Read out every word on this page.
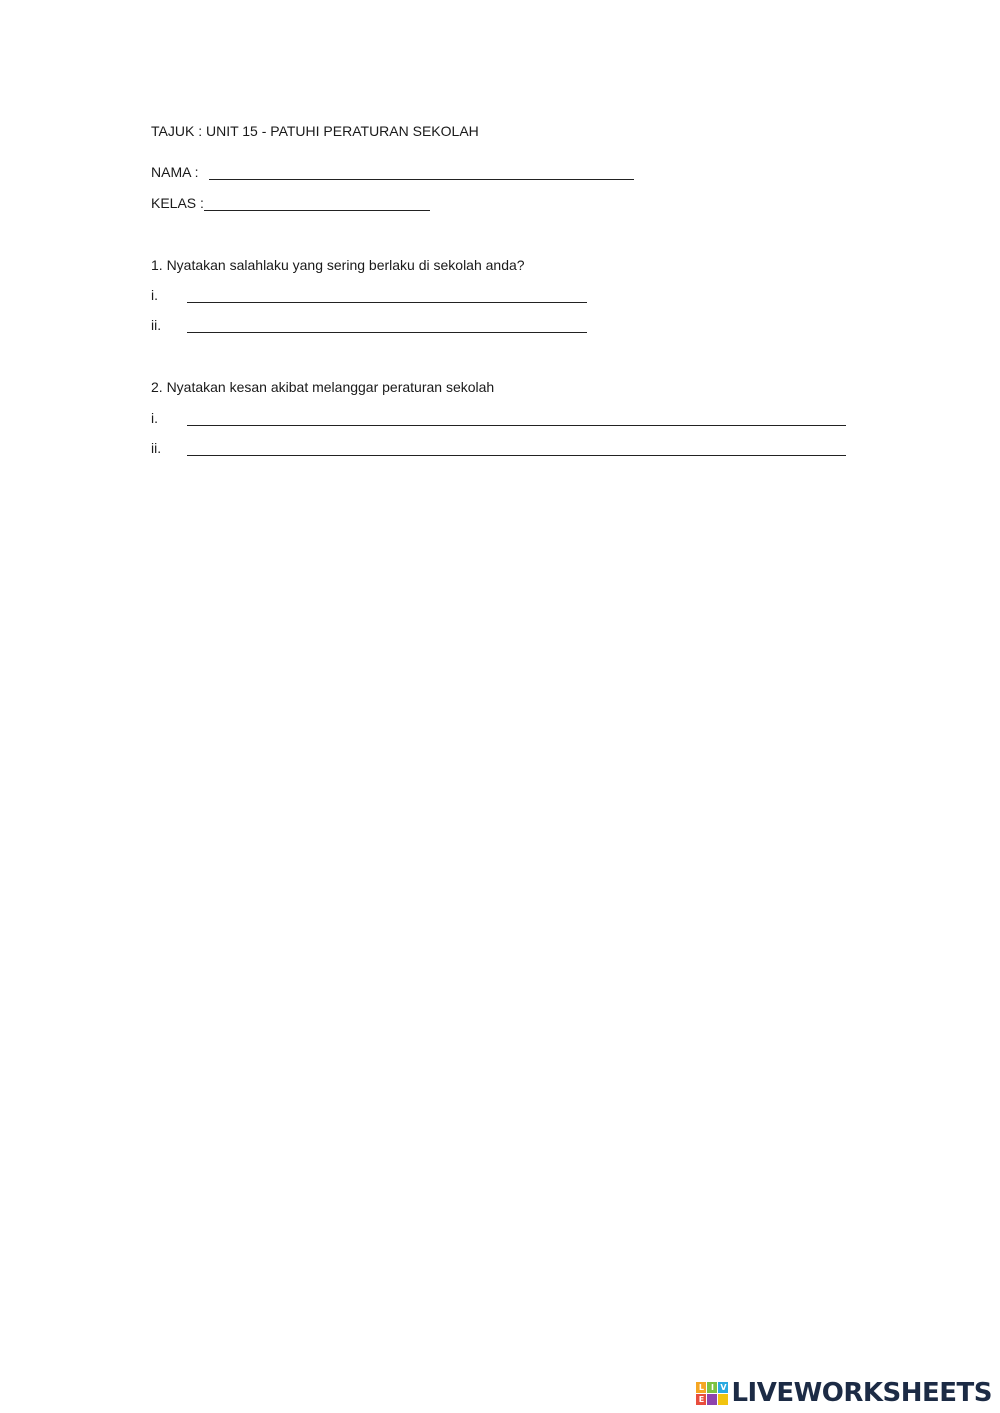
TAJUK : UNIT 15 - PATUHI PERATURAN SEKOLAH
NAMA :
KELAS :
1. Nyatakan salahlaku yang sering berlaku di sekolah anda?
i.
ii.
2. Nyatakan kesan akibat melanggar peraturan sekolah
i.
ii.
L I V
E LIVEWORKSHEETS
